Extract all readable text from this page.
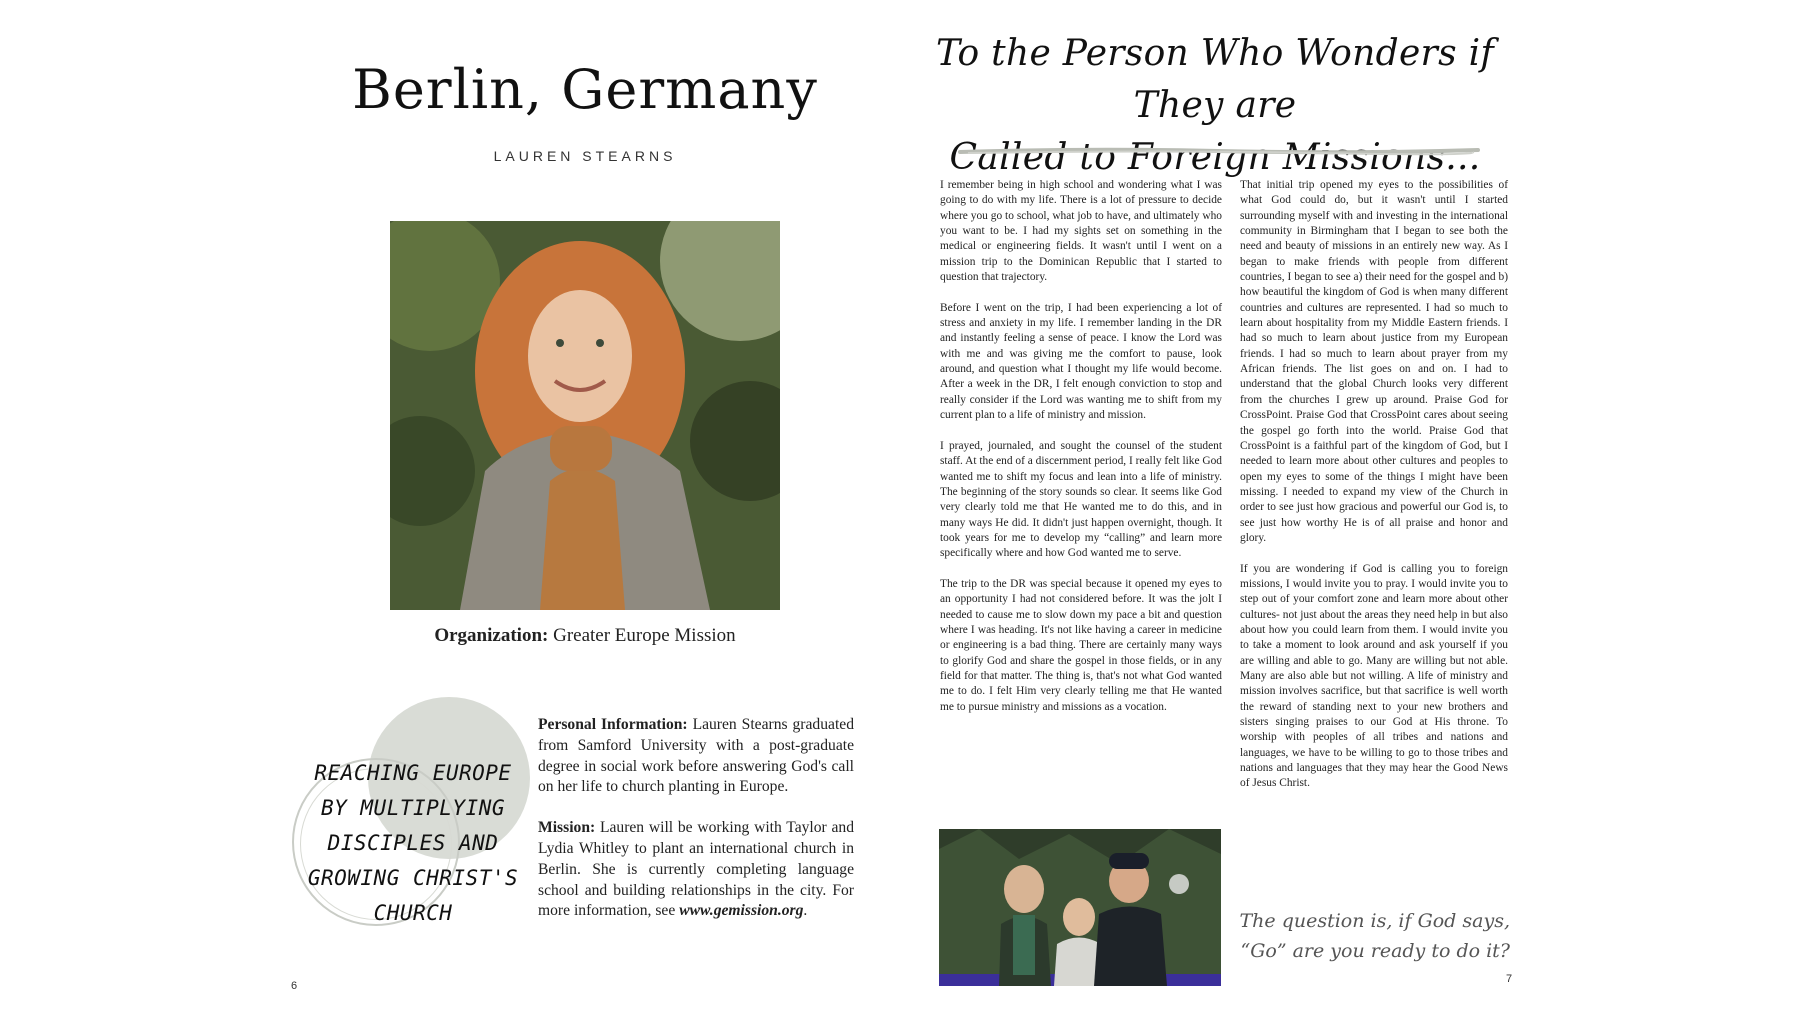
Berlin, Germany
LAUREN STEARNS
Organization: Greater Europe Mission
REACHING EUROPE BY MULTIPLYING DISCIPLES AND GROWING CHRIST'S CHURCH

Personal Information: Lauren Stearns graduated from Samford University with a post-graduate degree in social work before answering God's call on her life to church planting in Europe.

Mission: Lauren will be working with Taylor and Lydia Whitley to plant an international church in Berlin. She is currently completing language school and building relationships in the city. For more information, see www.gemission.org.

6
To the Person Who Wonders if They are
Called to Foreign Missions...

I remember being in high school and wondering what I was going to do with my life. There is a lot of pressure to decide where you go to school, what job to have, and ultimately who you want to be. I had my sights set on something in the medical or engineering fields. It wasn't until I went on a mission trip to the Dominican Republic that I started to question that trajectory.

Before I went on the trip, I had been experiencing a lot of stress and anxiety in my life. I remember landing in the DR and instantly feeling a sense of peace. I know the Lord was with me and was giving me the comfort to pause, look around, and question what I thought my life would become. After a week in the DR, I felt enough conviction to stop and really consider if the Lord was wanting me to shift from my current plan to a life of ministry and mission.

I prayed, journaled, and sought the counsel of the student staff. At the end of a discernment period, I really felt like God wanted me to shift my focus and lean into a life of ministry. The beginning of the story sounds so clear. It seems like God very clearly told me that He wanted me to do this, and in many ways He did. It didn't just happen overnight, though. It took years for me to develop my “calling” and learn more specifically where and how God wanted me to serve.

The trip to the DR was special because it opened my eyes to an opportunity I had not considered before. It was the jolt I needed to cause me to slow down my pace a bit and question where I was heading. It's not like having a career in medicine or engineering is a bad thing. There are certainly many ways to glorify God and share the gospel in those fields, or in any field for that matter. The thing is, that's not what God wanted me to do. I felt Him very clearly telling me that He wanted me to pursue ministry and missions as a vocation.

That initial trip opened my eyes to the possibilities of what God could do, but it wasn't until I started surrounding myself with and investing in the international community in Birmingham that I began to see both the need and beauty of missions in an entirely new way. As I began to make friends with people from different countries, I began to see a) their need for the gospel and b) how beautiful the kingdom of God is when many different countries and cultures are represented. I had so much to learn about hospitality from my Middle Eastern friends. I had so much to learn about justice from my European friends. I had so much to learn about prayer from my African friends. The list goes on and on. I had to understand that the global Church looks very different from the churches I grew up around. Praise God for CrossPoint. Praise God that CrossPoint cares about seeing the gospel go forth into the world. Praise God that CrossPoint is a faithful part of the kingdom of God, but I needed to learn more about other cultures and peoples to open my eyes to some of the things I might have been missing. I needed to expand my view of the Church in order to see just how gracious and powerful our God is, to see just how worthy He is of all praise and honor and glory.

If you are wondering if God is calling you to foreign missions, I would invite you to pray. I would invite you to step out of your comfort zone and learn more about other cultures- not just about the areas they need help in but also about how you could learn from them. I would invite you to take a moment to look around and ask yourself if you are willing and able to go. Many are willing but not able. Many are also able but not willing. A life of ministry and mission involves sacrifice, but that sacrifice is well worth the reward of standing next to your new brothers and sisters singing praises to our God at His throne. To worship with peoples of all tribes and nations and languages, we have to be willing to go to those tribes and nations and languages that they may hear the Good News of Jesus Christ.

The question is, if God says,
“Go” are you ready to do it?
7
